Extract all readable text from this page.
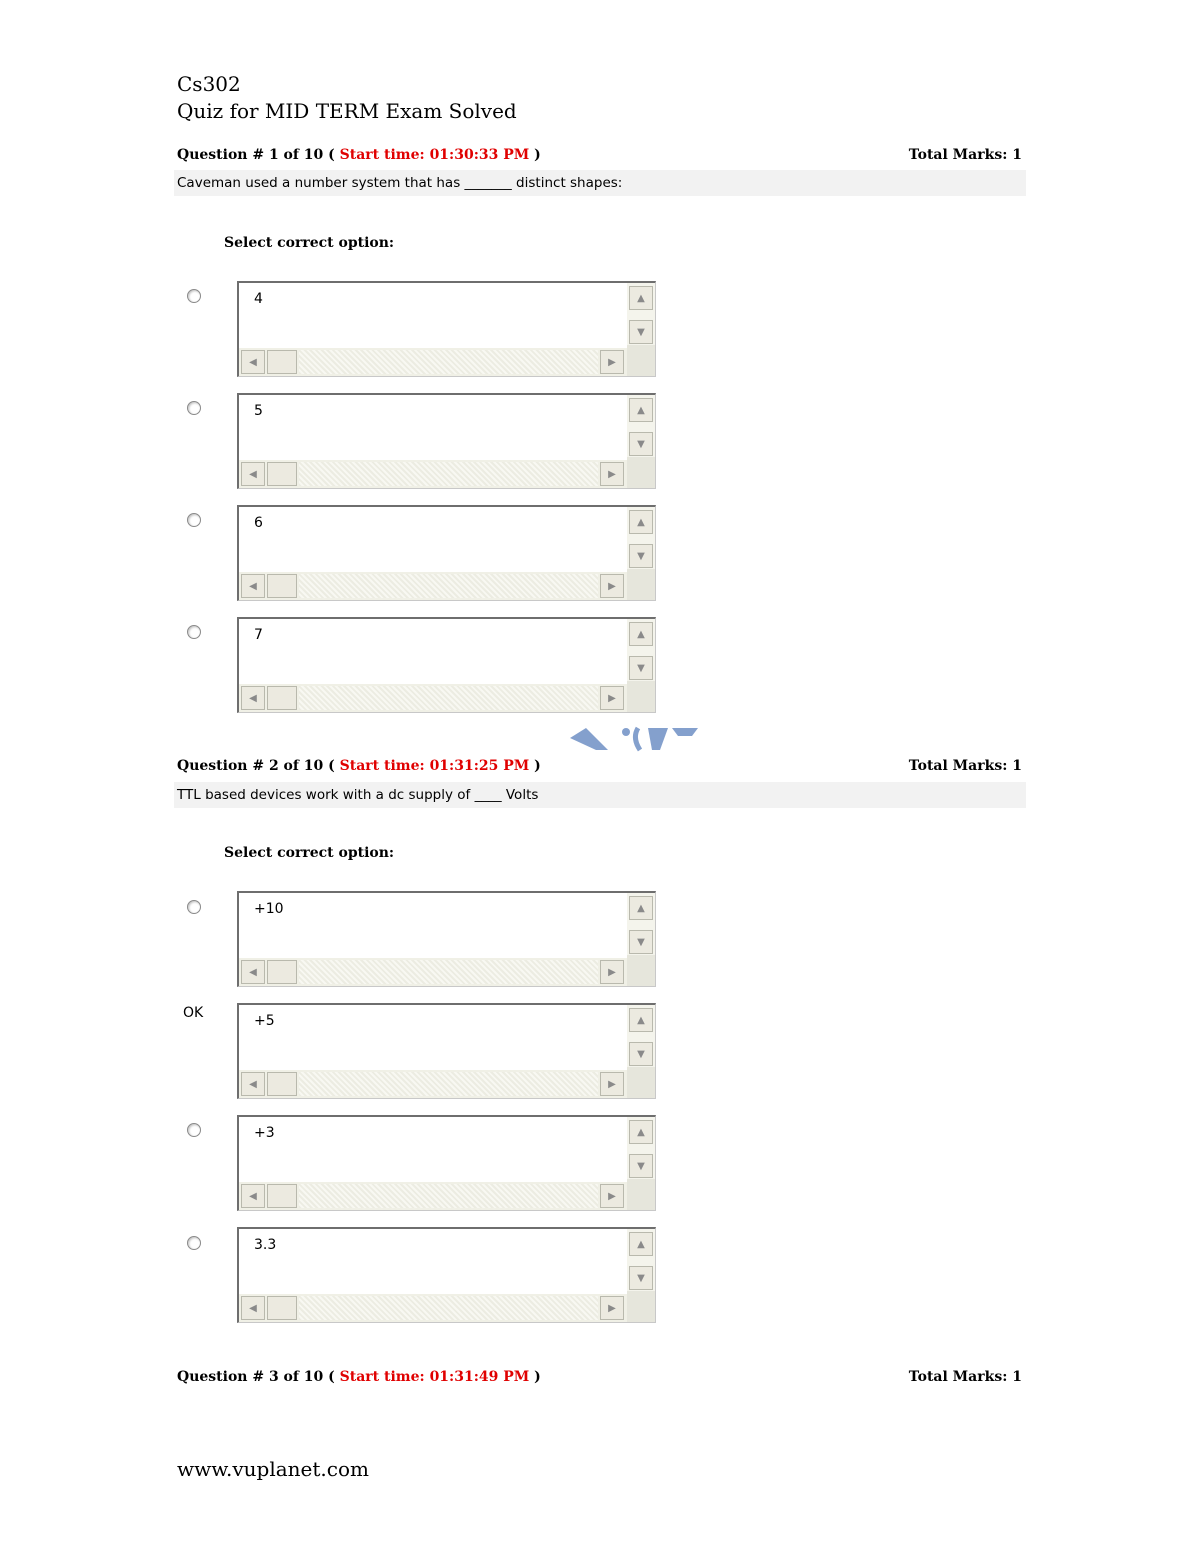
Cs302
Quiz for MID TERM Exam Solved
Question # 1 of 10 ( Start time: 01:30:33 PM )	Total Marks: 1
Caveman used a number system that has _______ distinct shapes:
Select correct option:
4	▲
▼
◀	▶
5	▲
▼
◀	▶
6	▲
▼
◀	▶
7	▲
▼
◀	▶
Question # 2 of 10 ( Start time: 01:31:25 PM )	Total Marks: 1
TTL based devices work with a dc supply of ____ Volts
Select correct option:
+10	▲
▼
◀	▶
OK	+5	▲
▼
◀	▶
+3	▲
▼
◀	▶
3.3	▲
▼
◀	▶
Question # 3 of 10 ( Start time: 01:31:49 PM )	Total Marks: 1
www.vuplanet.com
